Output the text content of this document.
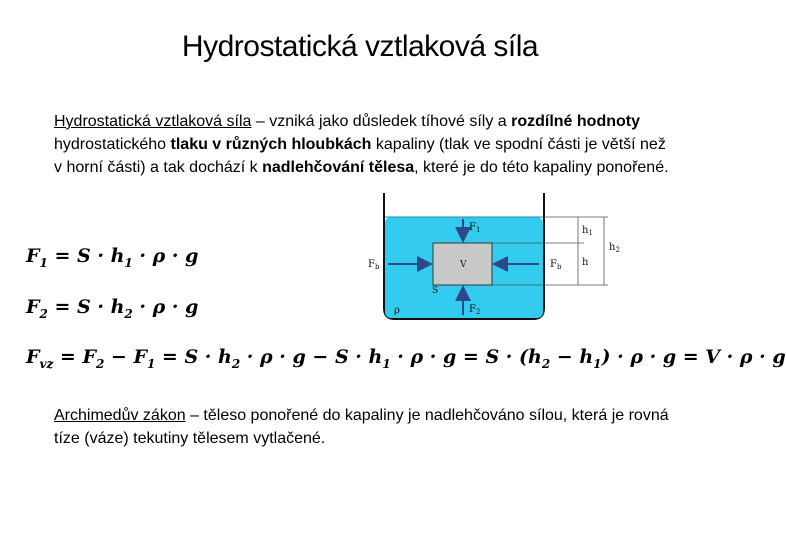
Hydrostatická vztlaková síla
Hydrostatická vztlaková síla – vzniká jako důsledek tíhové síly a rozdílné hodnoty hydrostatického tlaku v různých hloubkách kapaliny (tlak ve spodní části je větší než v horní části) a tak dochází k nadlehčování tělesa, které je do této kapaliny ponořené.
$F_1$
$F_b$	$F_b$
$F_2$
V
S
ρ
$h_1$
$h_2$
h
$F_1 = S \cdot h_1 \cdot \rho \cdot g$
$F_2 = S \cdot h_2 \cdot \rho \cdot g$
$F_{vz} = F_2 - F_1 = S \cdot h_2 \cdot \rho \cdot g - S \cdot h_1 \cdot \rho \cdot g = S \cdot (h_2 - h_1) \cdot \rho \cdot g = V \cdot \rho \cdot g$
Archimedův zákon – těleso ponořené do kapaliny je nadlehčováno sílou, která je rovná tíze (váze) tekutiny tělesem vytlačené.
